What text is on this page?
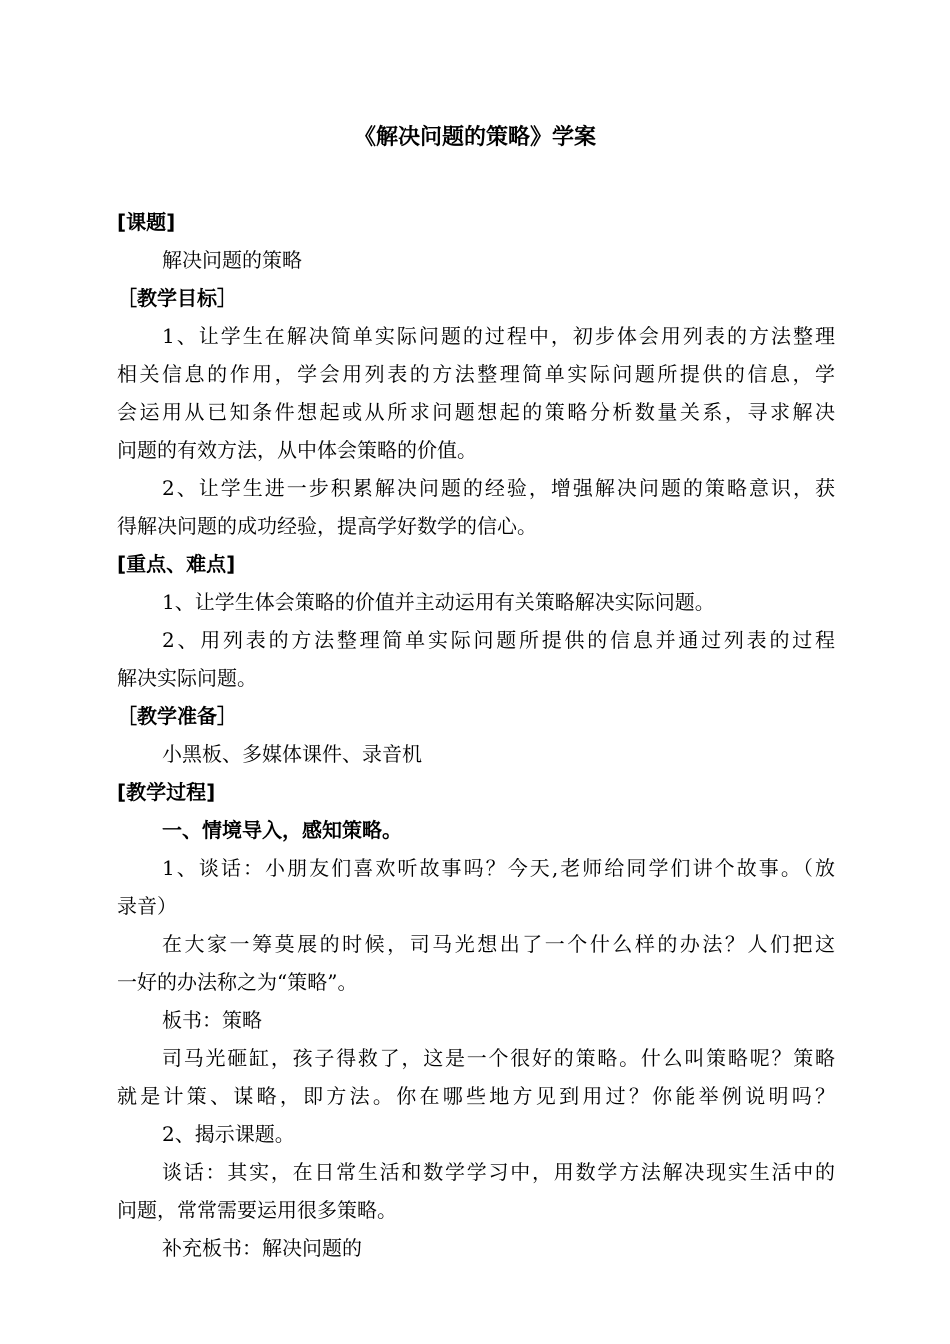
《解决问题的策略》学案
[课题]
解决问题的策略
［教学目标］
1、让学生在解决简单实际问题的过程中，初步体会用列表的方法整理
相关信息的作用，学会用列表的方法整理简单实际问题所提供的信息，学
会运用从已知条件想起或从所求问题想起的策略分析数量关系，寻求解决
问题的有效方法，从中体会策略的价值。
2、让学生进一步积累解决问题的经验，增强解决问题的策略意识，获
得解决问题的成功经验，提高学好数学的信心。
[重点、难点]
1、让学生体会策略的价值并主动运用有关策略解决实际问题。
2、用列表的方法整理简单实际问题所提供的信息并通过列表的过程
解决实际问题。
［教学准备］
小黑板、多媒体课件、录音机
[教学过程]
一、情境导入，感知策略。
1、谈话：小朋友们喜欢听故事吗？今天,老师给同学们讲个故事。（放
录音）
在大家一筹莫展的时候，司马光想出了一个什么样的办法？人们把这
一好的办法称之为“策略”。
板书：策略
司马光砸缸，孩子得救了，这是一个很好的策略。什么叫策略呢？策略
就是计策、谋略，即方法。你在哪些地方见到用过？你能举例说明吗？
2、揭示课题。
谈话：其实，在日常生活和数学学习中，用数学方法解决现实生活中的
问题，常常需要运用很多策略。
补充板书：解决问题的
